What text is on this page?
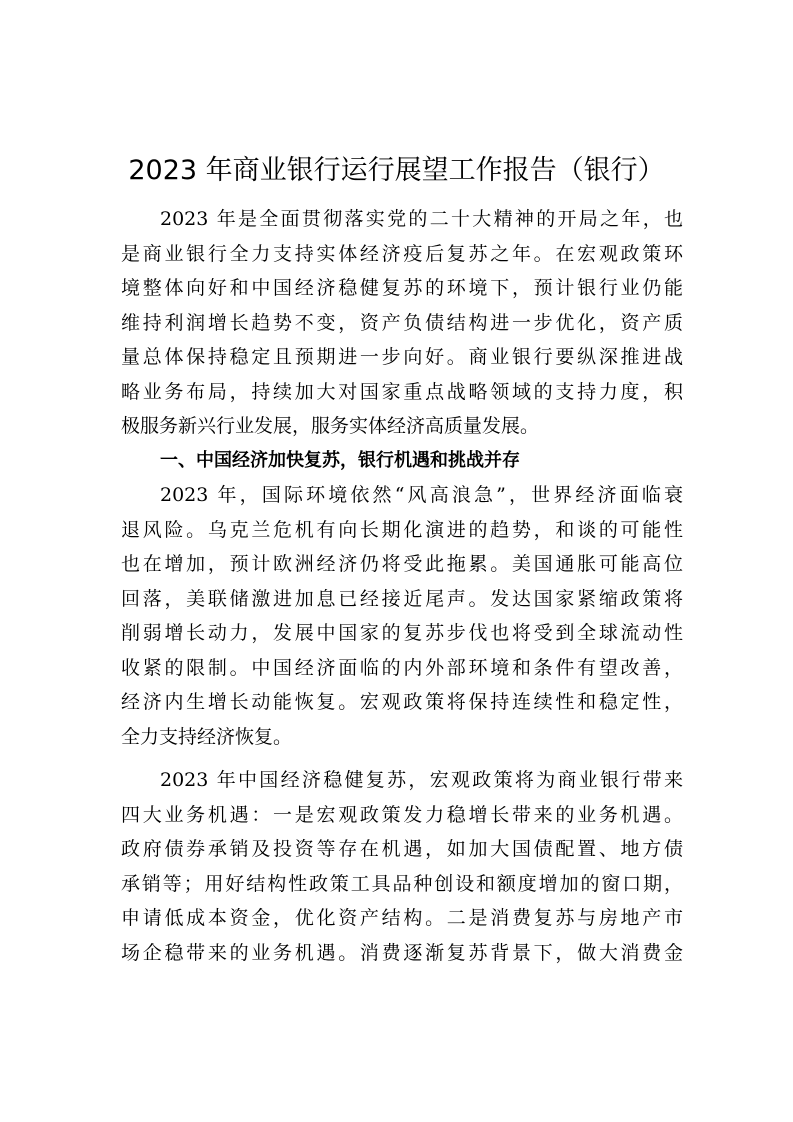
2023 年商业银行运行展望工作报告（银行）
2023 年是全面贯彻落实党的二十大精神的开局之年，也
是商业银行全力支持实体经济疫后复苏之年。在宏观政策环
境整体向好和中国经济稳健复苏的环境下，预计银行业仍能
维持利润增长趋势不变，资产负债结构进一步优化，资产质
量总体保持稳定且预期进一步向好。商业银行要纵深推进战
略业务布局，持续加大对国家重点战略领域的支持力度，积
极服务新兴行业发展，服务实体经济高质量发展。
一、中国经济加快复苏，银行机遇和挑战并存
2023 年，国际环境依然“风高浪急”，世界经济面临衰
退风险。乌克兰危机有向长期化演进的趋势，和谈的可能性
也在增加，预计欧洲经济仍将受此拖累。美国通胀可能高位
回落，美联储激进加息已经接近尾声。发达国家紧缩政策将
削弱增长动力，发展中国家的复苏步伐也将受到全球流动性
收紧的限制。中国经济面临的内外部环境和条件有望改善，
经济内生增长动能恢复。宏观政策将保持连续性和稳定性，
全力支持经济恢复。
2023 年中国经济稳健复苏，宏观政策将为商业银行带来
四大业务机遇：一是宏观政策发力稳增长带来的业务机遇。
政府债券承销及投资等存在机遇，如加大国债配置、地方债
承销等；用好结构性政策工具品种创设和额度增加的窗口期，
申请低成本资金，优化资产结构。二是消费复苏与房地产市
场企稳带来的业务机遇。消费逐渐复苏背景下，做大消费金
